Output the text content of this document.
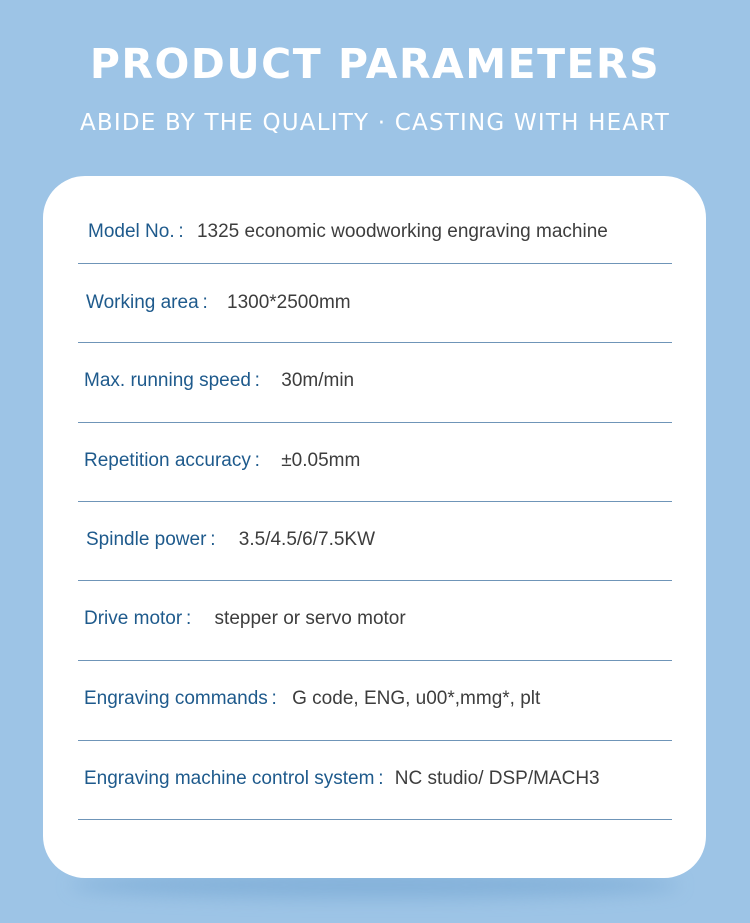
PRODUCT PARAMETERS
ABIDE BY THE QUALITY · CASTING WITH HEART
Model No. : 1325 economic woodworking engraving machine
Working area : 1300*2500mm
Max. running speed : 30m/min
Repetition accuracy : ±0.05mm
Spindle power : 3.5/4.5/6/7.5KW
Drive motor : stepper or servo motor
Engraving commands : G code, ENG, u00*,mmg*, plt
Engraving machine control system : NC studio/ DSP/MACH3
